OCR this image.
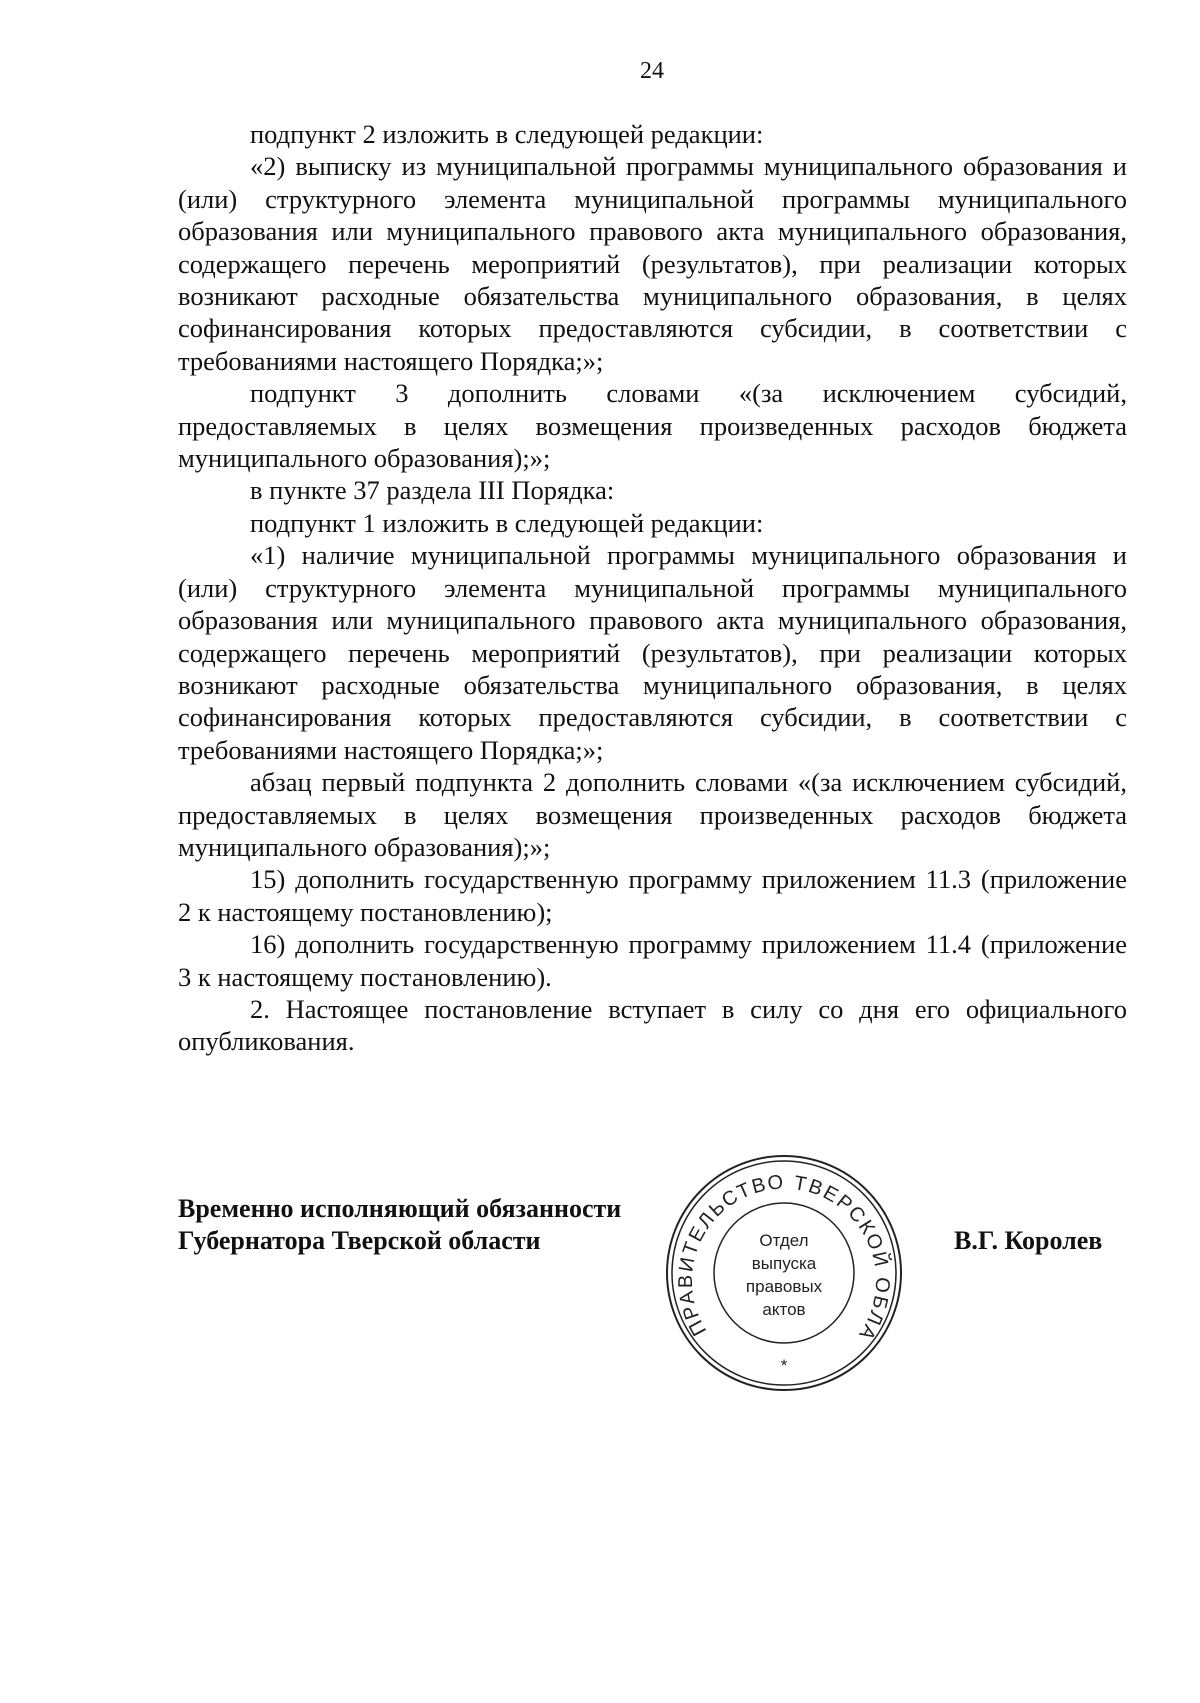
24

подпункт 2 изложить в следующей редакции:

«2) выписку из муниципальной программы муниципального образования и (или) структурного элемента муниципальной программы муниципального образования или муниципального правового акта муниципального образования, содержащего перечень мероприятий (результатов), при реализации которых возникают расходные обязательства муниципального образования, в целях софинансирования которых предоставляются субсидии, в соответствии с требованиями настоящего Порядка;»;

подпункт 3 дополнить словами «(за исключением субсидий, предоставляемых в целях возмещения произведенных расходов бюджета муниципального образования);»;

в пункте 37 раздела III Порядка:

подпункт 1 изложить в следующей редакции:

«1) наличие муниципальной программы муниципального образования и (или) структурного элемента муниципальной программы муниципального образования или муниципального правового акта муниципального образования, содержащего перечень мероприятий (результатов), при реализации которых возникают расходные обязательства муниципального образования, в целях софинансирования которых предоставляются субсидии, в соответствии с требованиями настоящего Порядка;»;

абзац первый подпункта 2 дополнить словами «(за исключением субсидий, предоставляемых в целях возмещения произведенных расходов бюджета муниципального образования);»;

15) дополнить государственную программу приложением 11.3 (приложение 2 к настоящему постановлению);

16) дополнить государственную программу приложением 11.4 (приложение 3 к настоящему постановлению).

2. Настоящее постановление вступает в силу со дня его официального опубликования.

Временно исполняющий обязанности
Губернатора Тверской области
ПРАВИТЕЛЬСТВО ТВЕРСКОЙ ОБЛА
Отдел
выпуска
правовых
актов
*
В.Г. Королев
